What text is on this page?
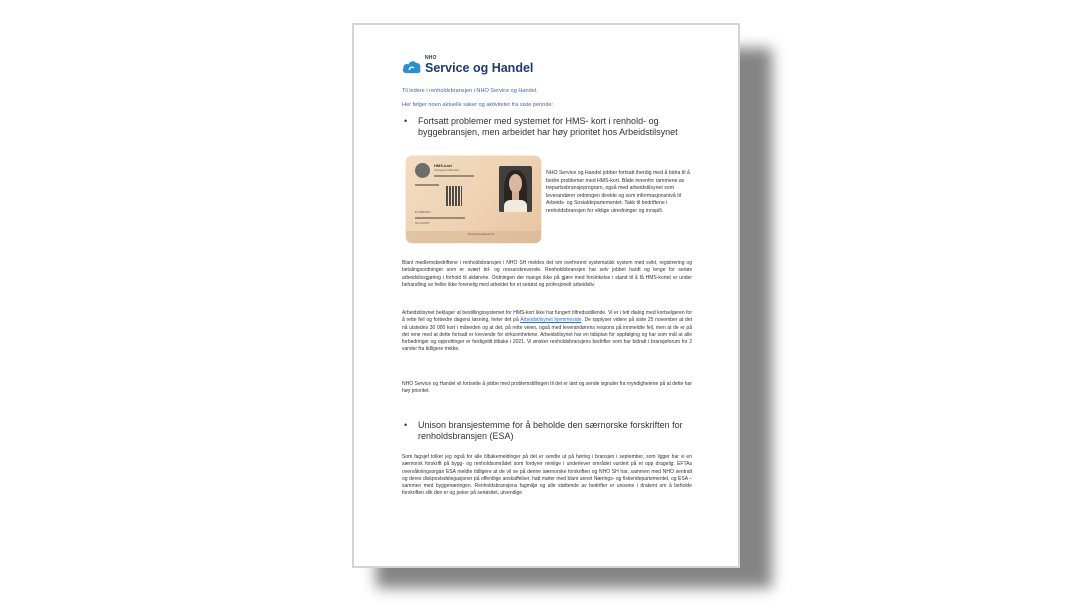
NHO
Service og Handel
Til ledere i renholdsbransjen i NHO Service og Handel.
Her følger noen aktuelle saker og aktiviteter fra siste periode:
•	Fortsatt problemer med systemet for HMS- kort i renhold- og byggebransjen, men arbeidet har høy prioritet hos Arbeidstilsynet
HMS-kort
Norwegian HSE Card
ETTERNAVN
NO 1234567
Renholdsselskapet AS
NHO Service og Handel jobber fortsatt iherdig med å bidra til å bedre problemer med HMS-kort. Både innenfor rammene av trepartssbransjeprogram, også med arbeidstilsynet som leverandører ordningen direkte og som informasjonsnivå til Arbeids- og Sosialdepartementet. Takk til bedriftene i renholdsbransjen for viktige utredninger og innspill.
Blant medlemsbedriftene i renholdsbransjen i NHO SH meldes det om ovefrorent systematisk system med svikt, registrering og betalingsordninger som er svært tid- og ressurskrevende. Renholdsbransjen har selv jobbet hardt og lenge for seriøs arbeidslivsgjøring i forhold til aktørene. Ordningen der mange ikke på gjøre med forsinkelse i stand til å få HMS-kortet er under behandling av heller ikke forenelig med arbeidet for et seriøst og profesjonelt arbeidsliv.
Arbeidstilsynet beklager at bestillingssystemet for HMS-kort ikke har fungert tilfredsstillende. Vi er i tett dialog med kortselgeren for å rette feil og forbedre dagens løsning, heter det på Arbeidstilsynet hjemmeside. De opplyser videre på siste 25 november at det nå utstedes 30 000 kort i måneden og at det, på rette veien, også med leverandørens respons på innmeldte feil, men at de er på det rene med at dette fortsatt er krevende for virksomhetene. Arbeidstilsynet har en tidsplan for oppfølging og har som mål at alle forbedringer og opprettinger er ferdigstilt tilbake i 2021. Vi ønsker renholdsbransjens bedrifter som har bidratt i bransjeforum for 2 varsler fra tidligere trekke.
NHO Service og Handel vil fortsette å jobbe med problemstillingen til det er løst og sende signaler fra myndighetene på at dette har høy prioritet.
•	Unison bransjestemme for å beholde den særnorske forskriften for renholdsbransjen (ESA)
Som fagsjef tolker jeg også for alle tilbakemeldinger på det er sendte ut på høring i bransjen i september, som ligger har vi en særnorsk forskrift på bygg- og renholdsområdet som fordyrer reinlige i underlever området vurdert på et opp dragelig. EFTAs overvåkningsorgan ESA meldte tidligere at de vil se på denne særnorske forskriften og NHO SH har, sammen med NHO sentralt og deres diskpostsdelegasjoner på offentlige anskaffelser, hatt møter med blant annet Nærings- og fiskeridepartementet, og ESA – sammen med byggenæringen. Renholdsbransjens fagmiljø og alle støttende av bedrifter er unisone i drakent om å beholde forskriften slik den er og peker på seriøsitet, utvendige
